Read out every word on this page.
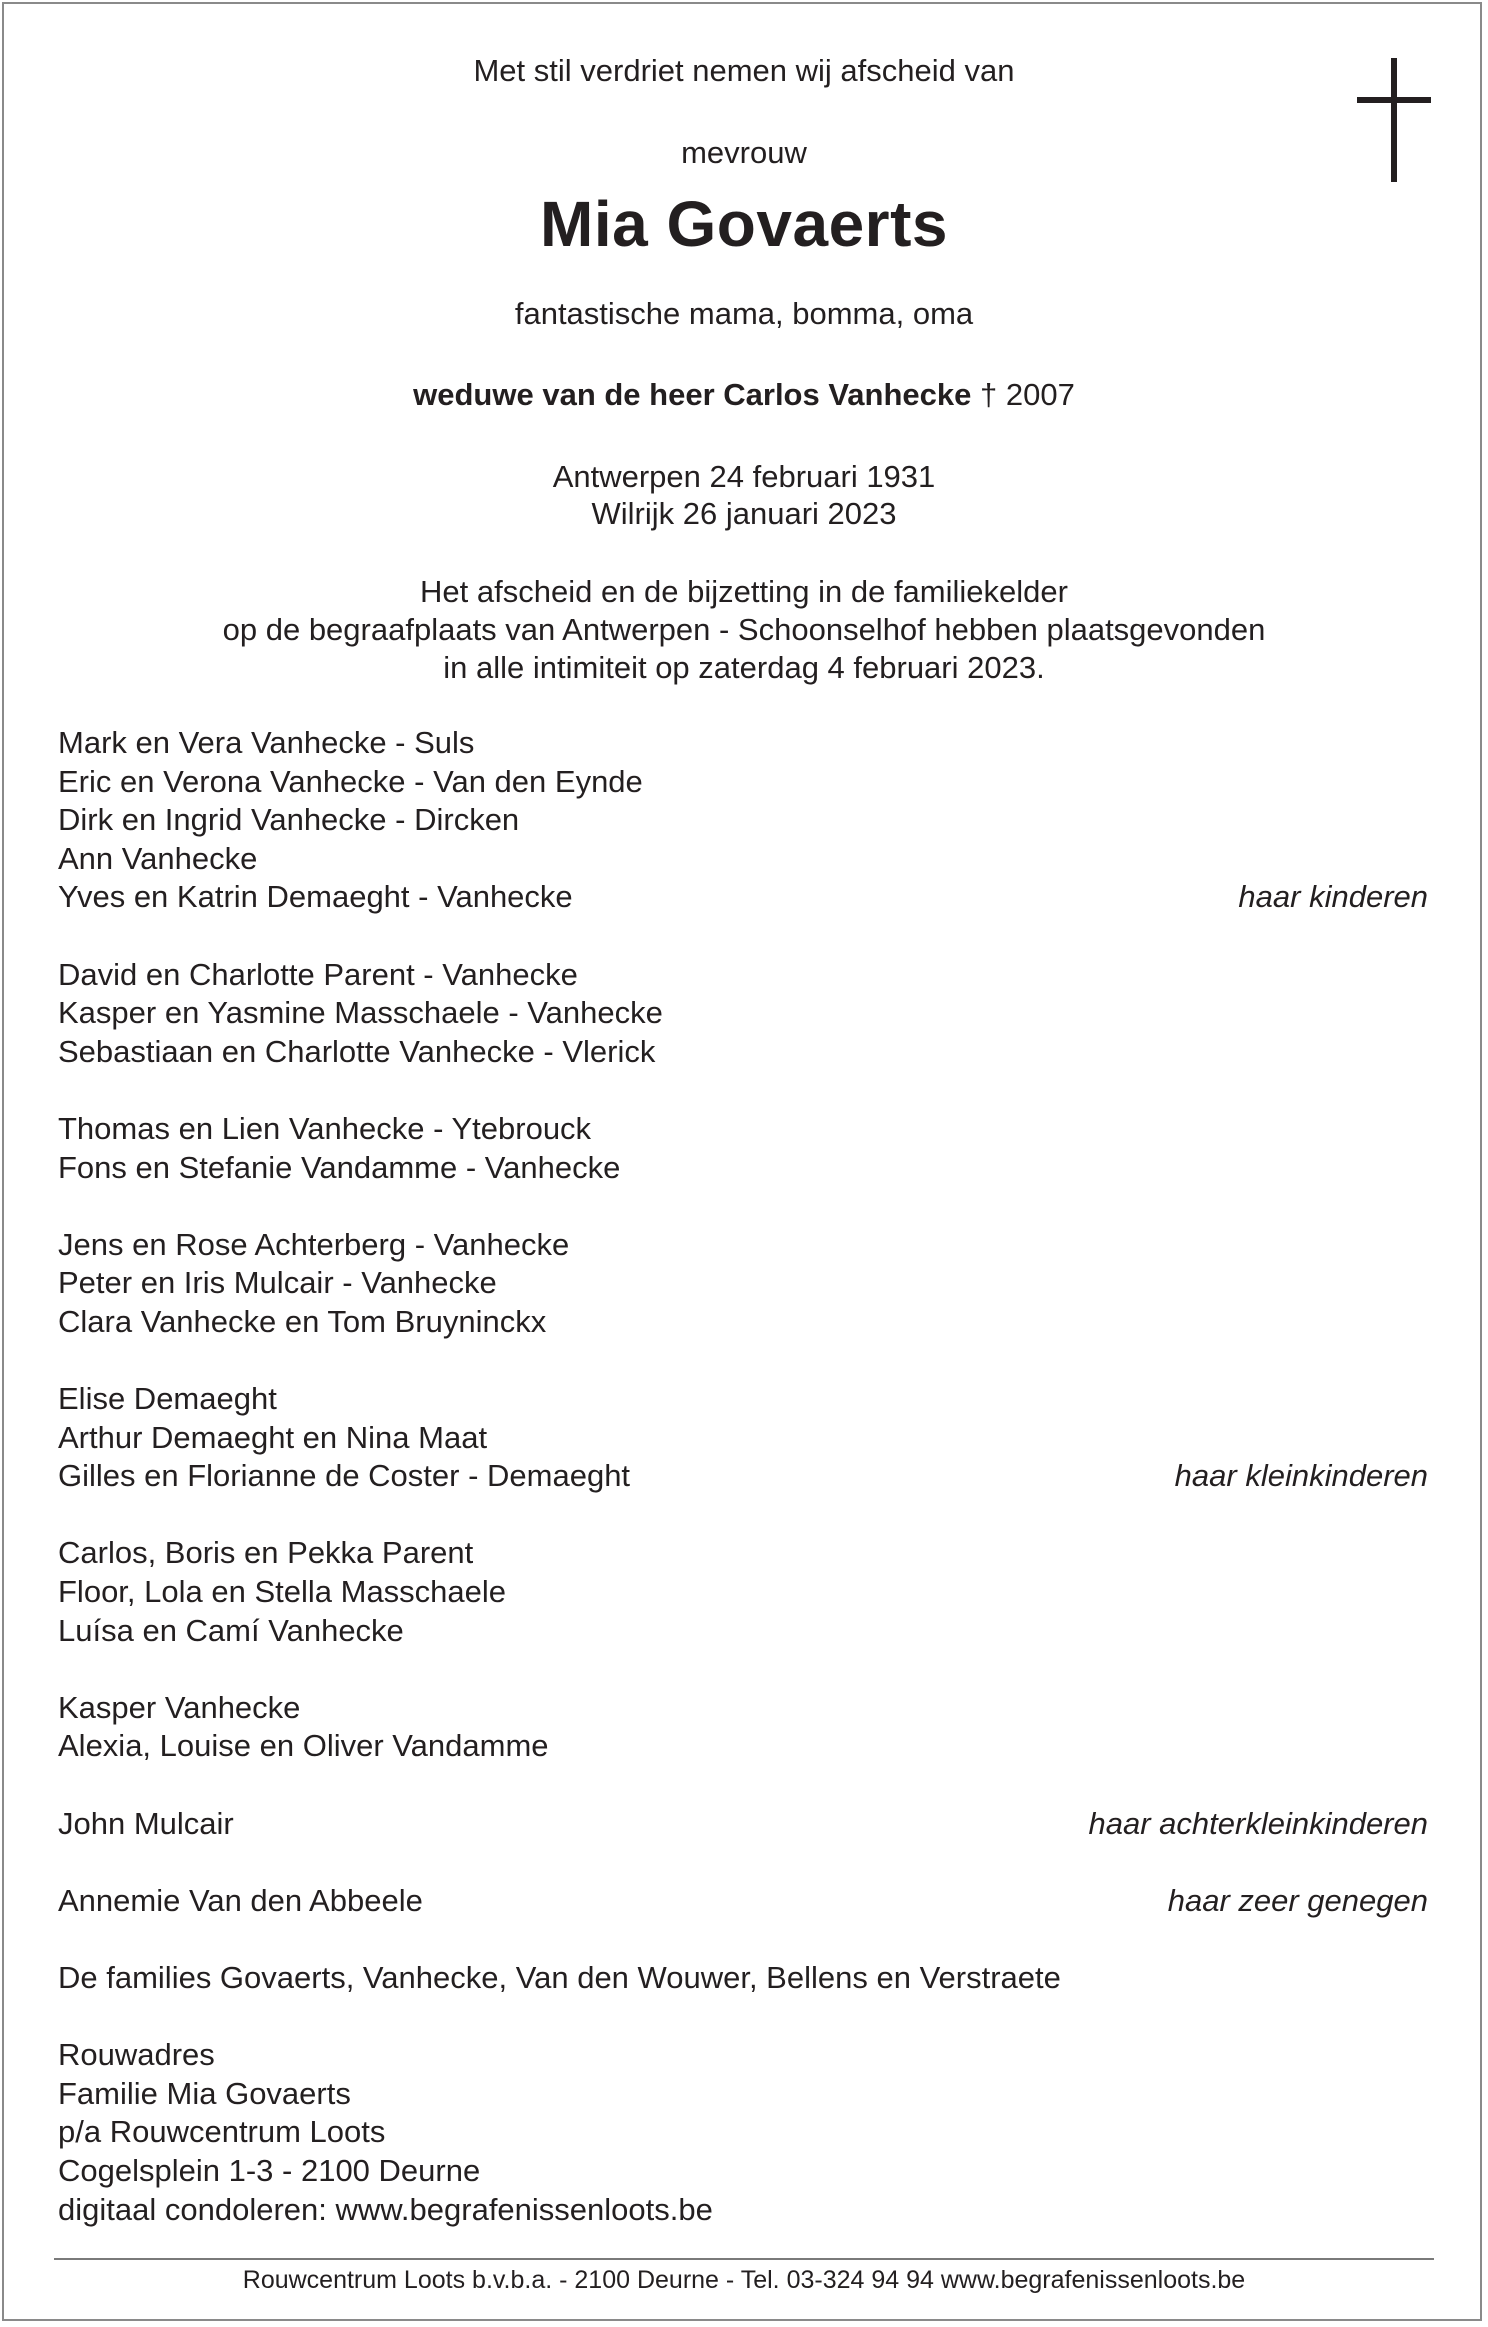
Met stil verdriet nemen wij afscheid van
mevrouw
Mia Govaerts
fantastische mama, bomma, oma
weduwe van de heer Carlos Vanhecke † 2007
Antwerpen 24 februari 1931
Wilrijk 26 januari 2023
Het afscheid en de bijzetting in de familiekelder
op de begraafplaats van Antwerpen - Schoonselhof hebben plaatsgevonden
in alle intimiteit op zaterdag 4 februari 2023.
Mark en Vera Vanhecke - Suls
Eric en Verona Vanhecke - Van den Eynde
Dirk en Ingrid Vanhecke - Dircken
Ann Vanhecke
Yves en Katrin Demaeght - Vanhecke	haar kinderen
David en Charlotte Parent - Vanhecke
Kasper en Yasmine Masschaele - Vanhecke
Sebastiaan en Charlotte Vanhecke - Vlerick
Thomas en Lien Vanhecke - Ytebrouck
Fons en Stefanie Vandamme - Vanhecke
Jens en Rose Achterberg - Vanhecke
Peter en Iris Mulcair - Vanhecke
Clara Vanhecke en Tom Bruyninckx
Elise Demaeght
Arthur Demaeght en Nina Maat
Gilles en Florianne de Coster - Demaeght	haar kleinkinderen
Carlos, Boris en Pekka Parent
Floor, Lola en Stella Masschaele
Luísa en Camí Vanhecke
Kasper Vanhecke
Alexia, Louise en Oliver Vandamme
John Mulcair	haar achterkleinkinderen
Annemie Van den Abbeele	haar zeer genegen
De families Govaerts, Vanhecke, Van den Wouwer, Bellens en Verstraete
Rouwadres
Familie Mia Govaerts
p/a Rouwcentrum Loots
Cogelsplein 1-3 - 2100 Deurne
digitaal condoleren: www.begrafenissenloots.be
Rouwcentrum Loots b.v.b.a. - 2100 Deurne - Tel. 03-324 94 94 www.begrafenissenloots.be
